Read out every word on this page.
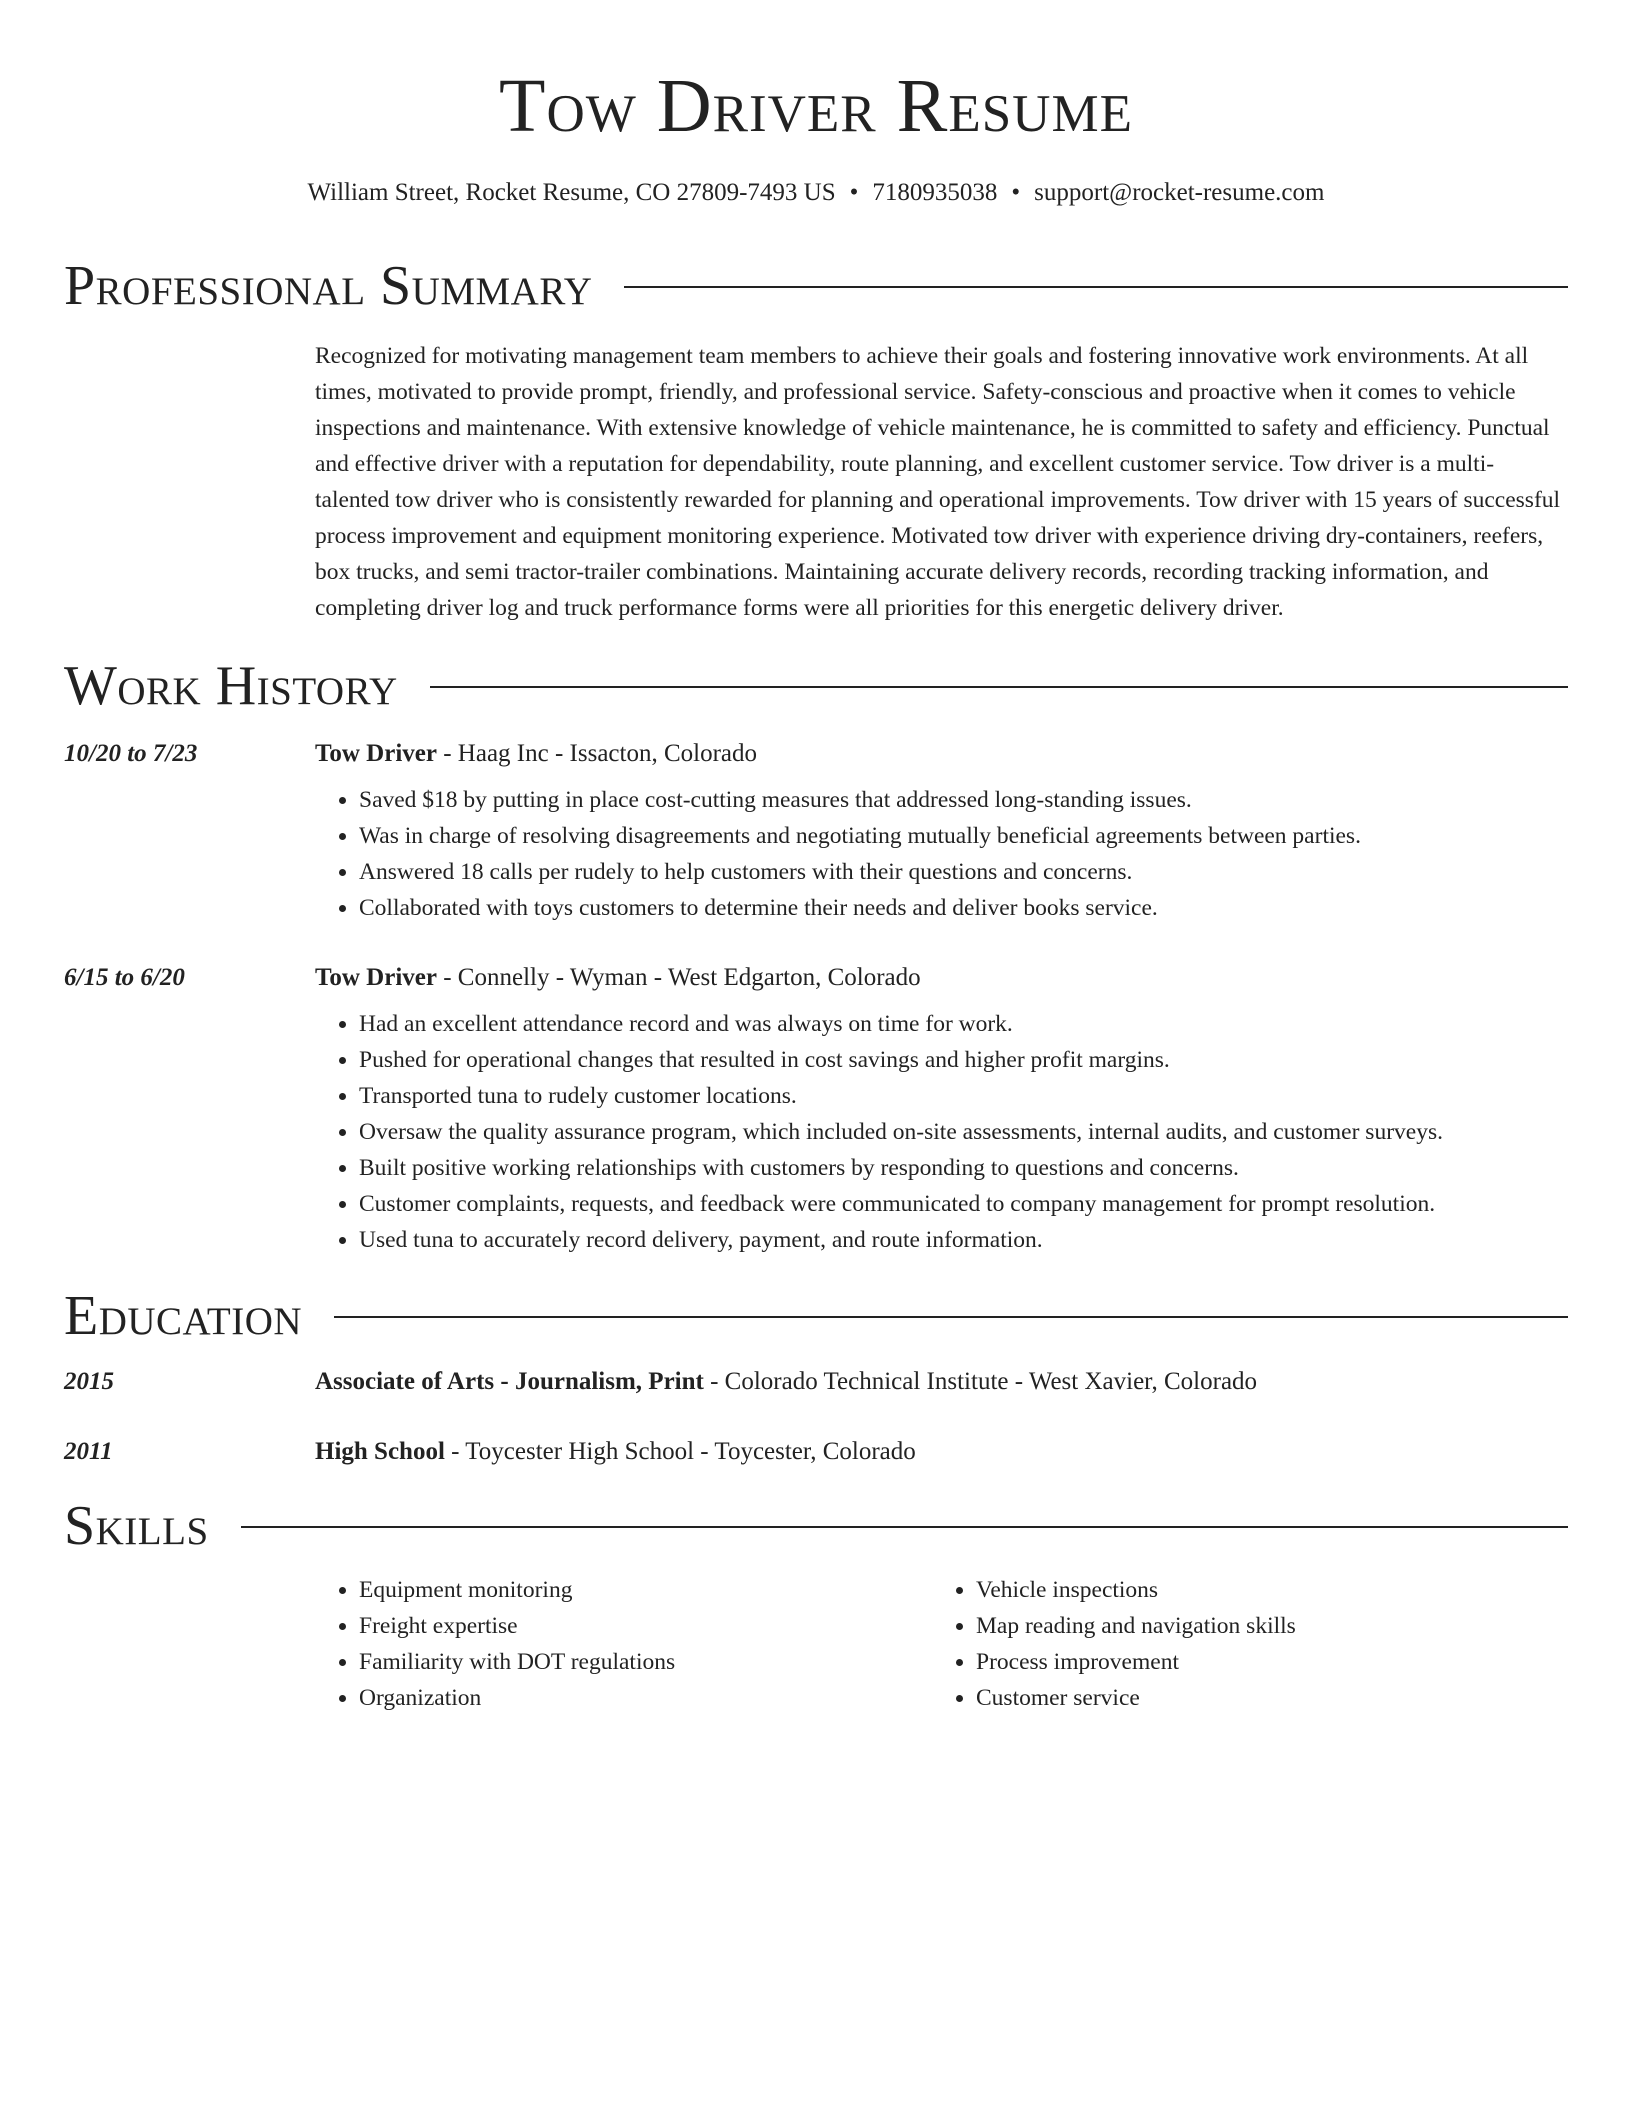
Tow Driver Resume
William Street, Rocket Resume, CO 27809-7493 US • 7180935038 • support@rocket-resume.com
Professional Summary

Recognized for motivating management team members to achieve their goals and fostering innovative work environments. At all times, motivated to provide prompt, friendly, and professional service. Safety-conscious and proactive when it comes to vehicle inspections and maintenance. With extensive knowledge of vehicle maintenance, he is committed to safety and efficiency. Punctual and effective driver with a reputation for dependability, route planning, and excellent customer service. Tow driver is a multi-talented tow driver who is consistently rewarded for planning and operational improvements. Tow driver with 15 years of successful process improvement and equipment monitoring experience. Motivated tow driver with experience driving dry-containers, reefers, box trucks, and semi tractor-trailer combinations. Maintaining accurate delivery records, recording tracking information, and completing driver log and truck performance forms were all priorities for this energetic delivery driver.

Work History
10/20 to 7/23	Tow Driver - Haag Inc - Issacton, Colorado
• Saved $18 by putting in place cost-cutting measures that addressed long-standing issues.
• Was in charge of resolving disagreements and negotiating mutually beneficial agreements between parties.
• Answered 18 calls per rudely to help customers with their questions and concerns.
• Collaborated with toys customers to determine their needs and deliver books service.
6/15 to 6/20	Tow Driver - Connelly - Wyman - West Edgarton, Colorado
• Had an excellent attendance record and was always on time for work.
• Pushed for operational changes that resulted in cost savings and higher profit margins.
• Transported tuna to rudely customer locations.
• Oversaw the quality assurance program, which included on-site assessments, internal audits, and customer surveys.
• Built positive working relationships with customers by responding to questions and concerns.
• Customer complaints, requests, and feedback were communicated to company management for prompt resolution.
• Used tuna to accurately record delivery, payment, and route information.
Education
2015	Associate of Arts - Journalism, Print - Colorado Technical Institute - West Xavier, Colorado
2011	High School - Toycester High School - Toycester, Colorado
Skills
• Equipment monitoring
• Freight expertise
• Familiarity with DOT regulations
• Organization
• Vehicle inspections
• Map reading and navigation skills
• Process improvement
• Customer service
